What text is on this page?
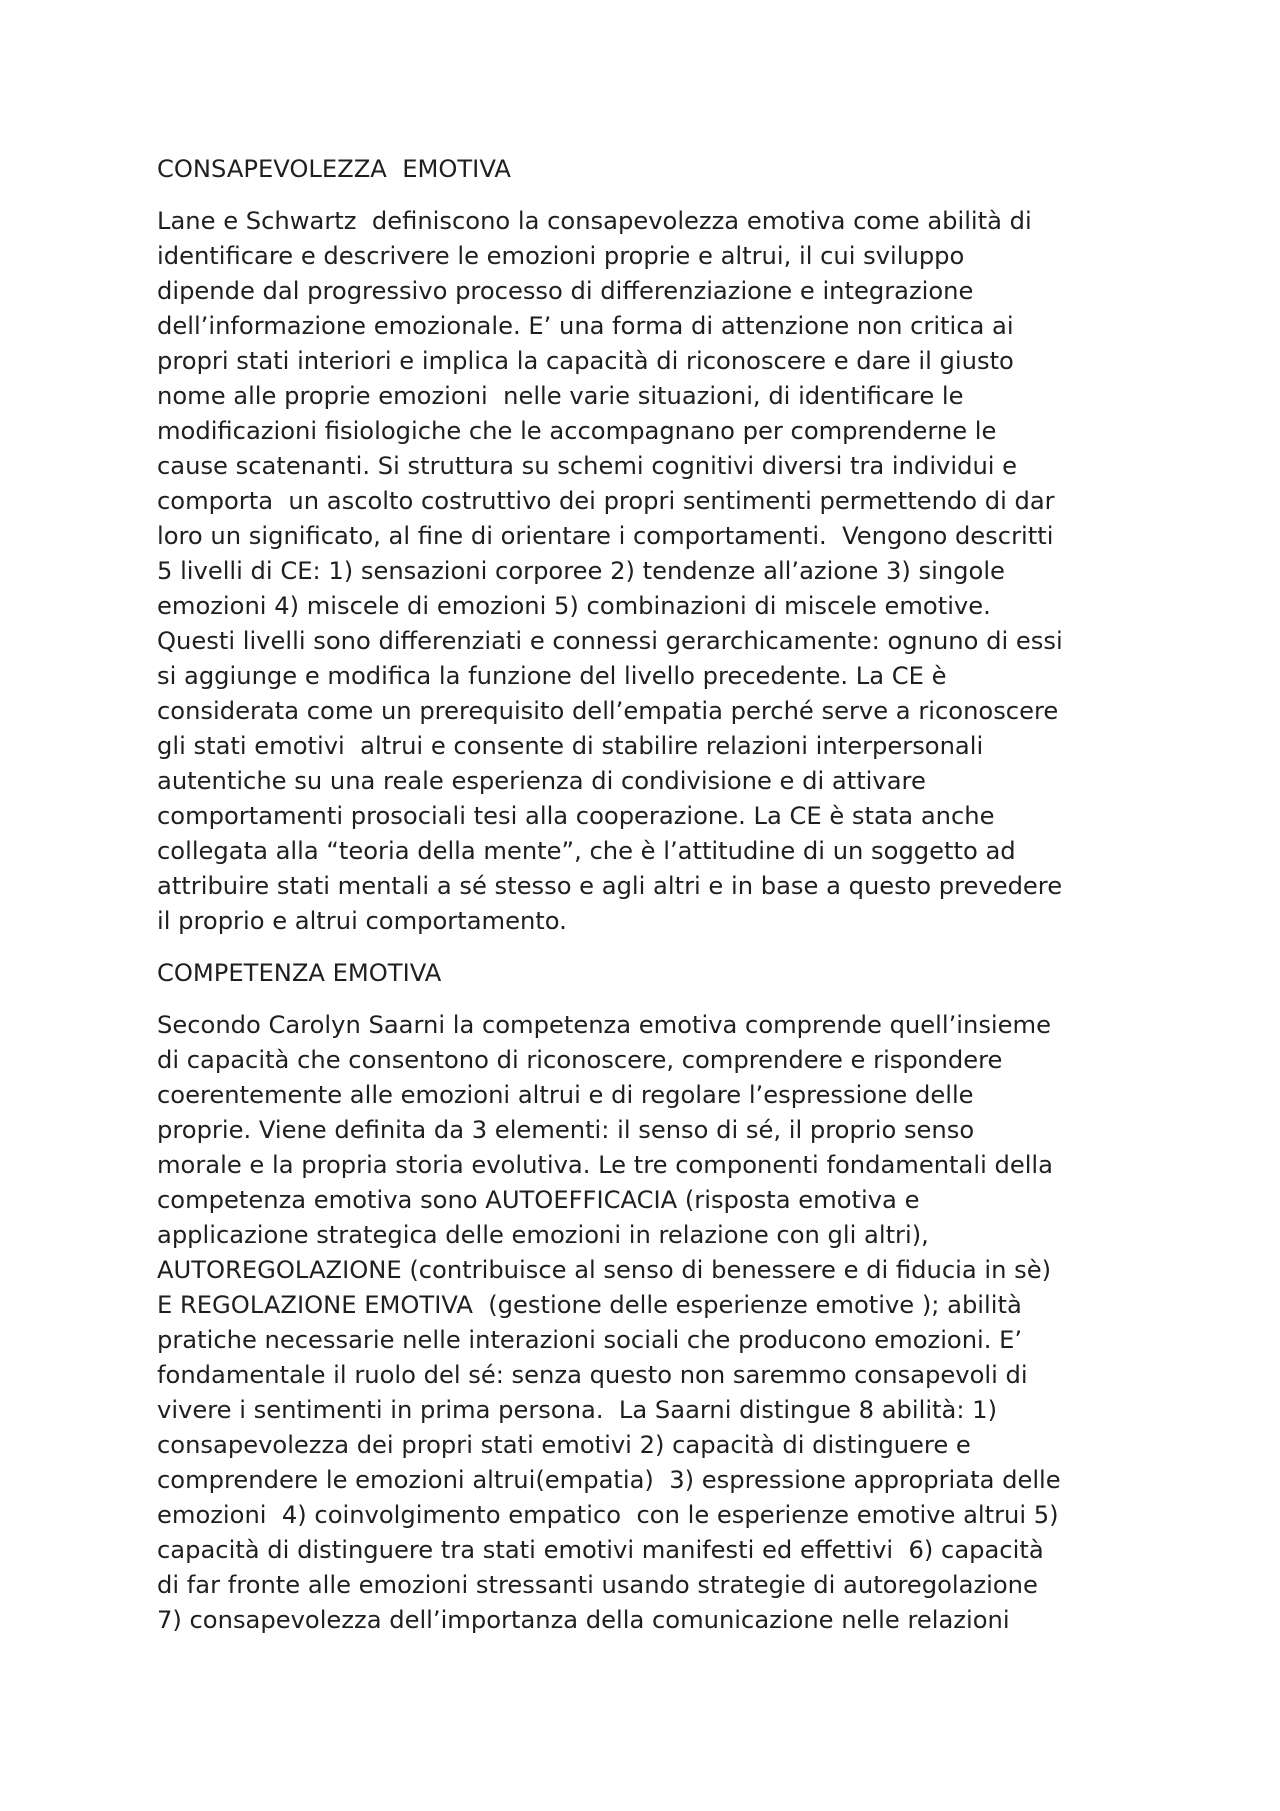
CONSAPEVOLEZZA  EMOTIVA
Lane e Schwartz  definiscono la consapevolezza emotiva come abilità di
identificare e descrivere le emozioni proprie e altrui, il cui sviluppo
dipende dal progressivo processo di differenziazione e integrazione
dell’informazione emozionale. E’ una forma di attenzione non critica ai
propri stati interiori e implica la capacità di riconoscere e dare il giusto
nome alle proprie emozioni  nelle varie situazioni, di identificare le
modificazioni fisiologiche che le accompagnano per comprenderne le
cause scatenanti. Si struttura su schemi cognitivi diversi tra individui e
comporta  un ascolto costruttivo dei propri sentimenti permettendo di dar
loro un significato, al fine di orientare i comportamenti.  Vengono descritti
5 livelli di CE: 1) sensazioni corporee 2) tendenze all’azione 3) singole
emozioni 4) miscele di emozioni 5) combinazioni di miscele emotive.
Questi livelli sono differenziati e connessi gerarchicamente: ognuno di essi
si aggiunge e modifica la funzione del livello precedente. La CE è
considerata come un prerequisito dell’empatia perché serve a riconoscere
gli stati emotivi  altrui e consente di stabilire relazioni interpersonali
autentiche su una reale esperienza di condivisione e di attivare
comportamenti prosociali tesi alla cooperazione. La CE è stata anche
collegata alla “teoria della mente”, che è l’attitudine di un soggetto ad
attribuire stati mentali a sé stesso e agli altri e in base a questo prevedere
il proprio e altrui comportamento.
COMPETENZA EMOTIVA
Secondo Carolyn Saarni la competenza emotiva comprende quell’insieme
di capacità che consentono di riconoscere, comprendere e rispondere
coerentemente alle emozioni altrui e di regolare l’espressione delle
proprie. Viene definita da 3 elementi: il senso di sé, il proprio senso
morale e la propria storia evolutiva. Le tre componenti fondamentali della
competenza emotiva sono AUTOEFFICACIA (risposta emotiva e
applicazione strategica delle emozioni in relazione con gli altri),
AUTOREGOLAZIONE (contribuisce al senso di benessere e di fiducia in sè)
E REGOLAZIONE EMOTIVA  (gestione delle esperienze emotive ); abilità
pratiche necessarie nelle interazioni sociali che producono emozioni. E’
fondamentale il ruolo del sé: senza questo non saremmo consapevoli di
vivere i sentimenti in prima persona.  La Saarni distingue 8 abilità: 1)
consapevolezza dei propri stati emotivi 2) capacità di distinguere e
comprendere le emozioni altrui(empatia)  3) espressione appropriata delle
emozioni  4) coinvolgimento empatico  con le esperienze emotive altrui 5)
capacità di distinguere tra stati emotivi manifesti ed effettivi  6) capacità
di far fronte alle emozioni stressanti usando strategie di autoregolazione
7) consapevolezza dell’importanza della comunicazione nelle relazioni
